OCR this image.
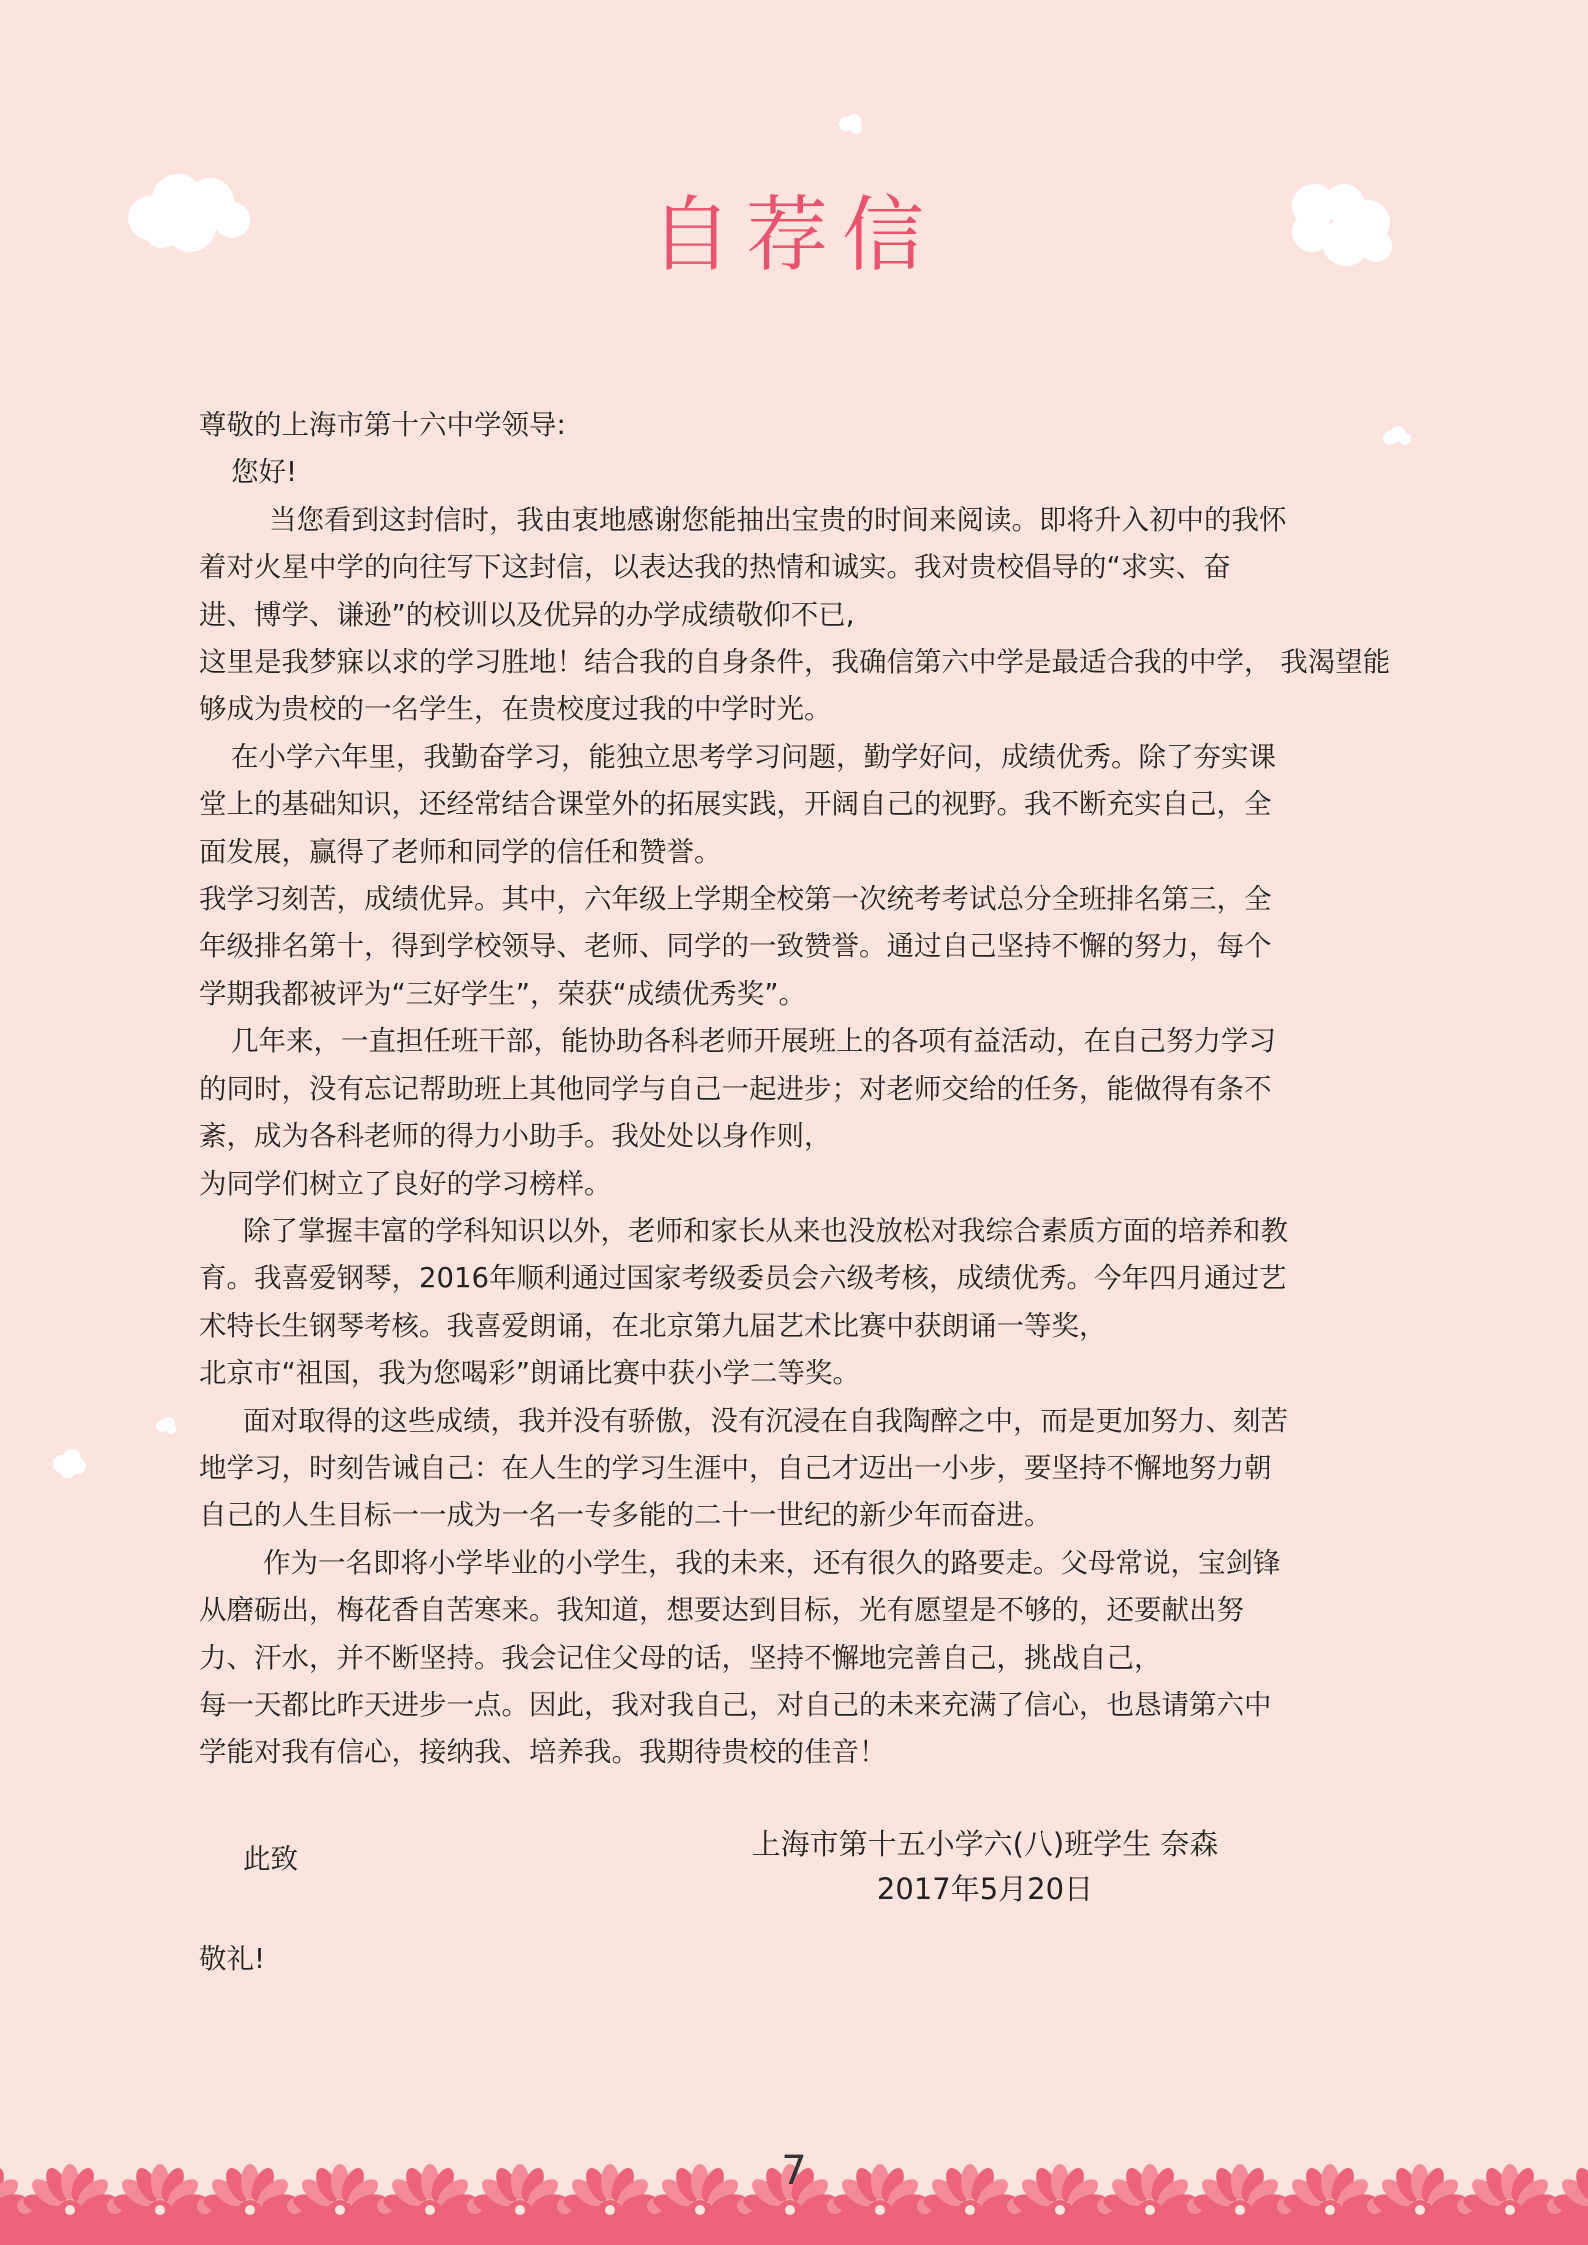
自荐信

尊敬的上海市第十六中学领导:

您好!

当您看到这封信时，我由衷地感谢您能抽出宝贵的时间来阅读。即将升入初中的我怀

着对火星中学的向往写下这封信，以表达我的热情和诚实。我对贵校倡导的“求实、奋

进、博学、谦逊”的校训以及优异的办学成绩敬仰不已,

这里是我梦寐以求的学习胜地！结合我的自身条件，我确信第六中学是最适合我的中学， 我渴望能

够成为贵校的一名学生，在贵校度过我的中学时光。

在小学六年里，我勤奋学习，能独立思考学习问题，勤学好问，成绩优秀。除了夯实课

堂上的基础知识，还经常结合课堂外的拓展实践，开阔自己的视野。我不断充实自己，全

面发展，赢得了老师和同学的信任和赞誉。

我学习刻苦，成绩优异。其中，六年级上学期全校第一次统考考试总分全班排名第三，全

年级排名第十，得到学校领导、老师、同学的一致赞誉。通过自己坚持不懈的努力，每个

学期我都被评为“三好学生”，荣获“成绩优秀奖”。

几年来，一直担任班干部，能协助各科老师开展班上的各项有益活动，在自己努力学习

的同时，没有忘记帮助班上其他同学与自己一起进步；对老师交给的任务，能做得有条不

紊，成为各科老师的得力小助手。我处处以身作则，

为同学们树立了良好的学习榜样。

除了掌握丰富的学科知识以外，老师和家长从来也没放松对我综合素质方面的培养和教

育。我喜爱钢琴，2016年顺利通过国家考级委员会六级考核，成绩优秀。今年四月通过艺

术特长生钢琴考核。我喜爱朗诵，在北京第九届艺术比赛中获朗诵一等奖，

北京市“祖国，我为您喝彩”朗诵比赛中获小学二等奖。

面对取得的这些成绩，我并没有骄傲，没有沉浸在自我陶醉之中，而是更加努力、刻苦

地学习，时刻告诫自己：在人生的学习生涯中，自己才迈出一小步，要坚持不懈地努力朝

自己的人生目标一一成为一名一专多能的二十一世纪的新少年而奋进。

作为一名即将小学毕业的小学生，我的未来，还有很久的路要走。父母常说，宝剑锋

从磨砺出，梅花香自苦寒来。我知道，想要达到目标，光有愿望是不够的，还要献出努

力、汗水，并不断坚持。我会记住父母的话，坚持不懈地完善自己，挑战自己，

每一天都比昨天进步一点。因此，我对我自己，对自己的未来充满了信心，也恳请第六中

学能对我有信心，接纳我、培养我。我期待贵校的佳音！

此致	上海市第十五小学六(八)班学生 奈森
2017年5月20日
敬礼!
7
